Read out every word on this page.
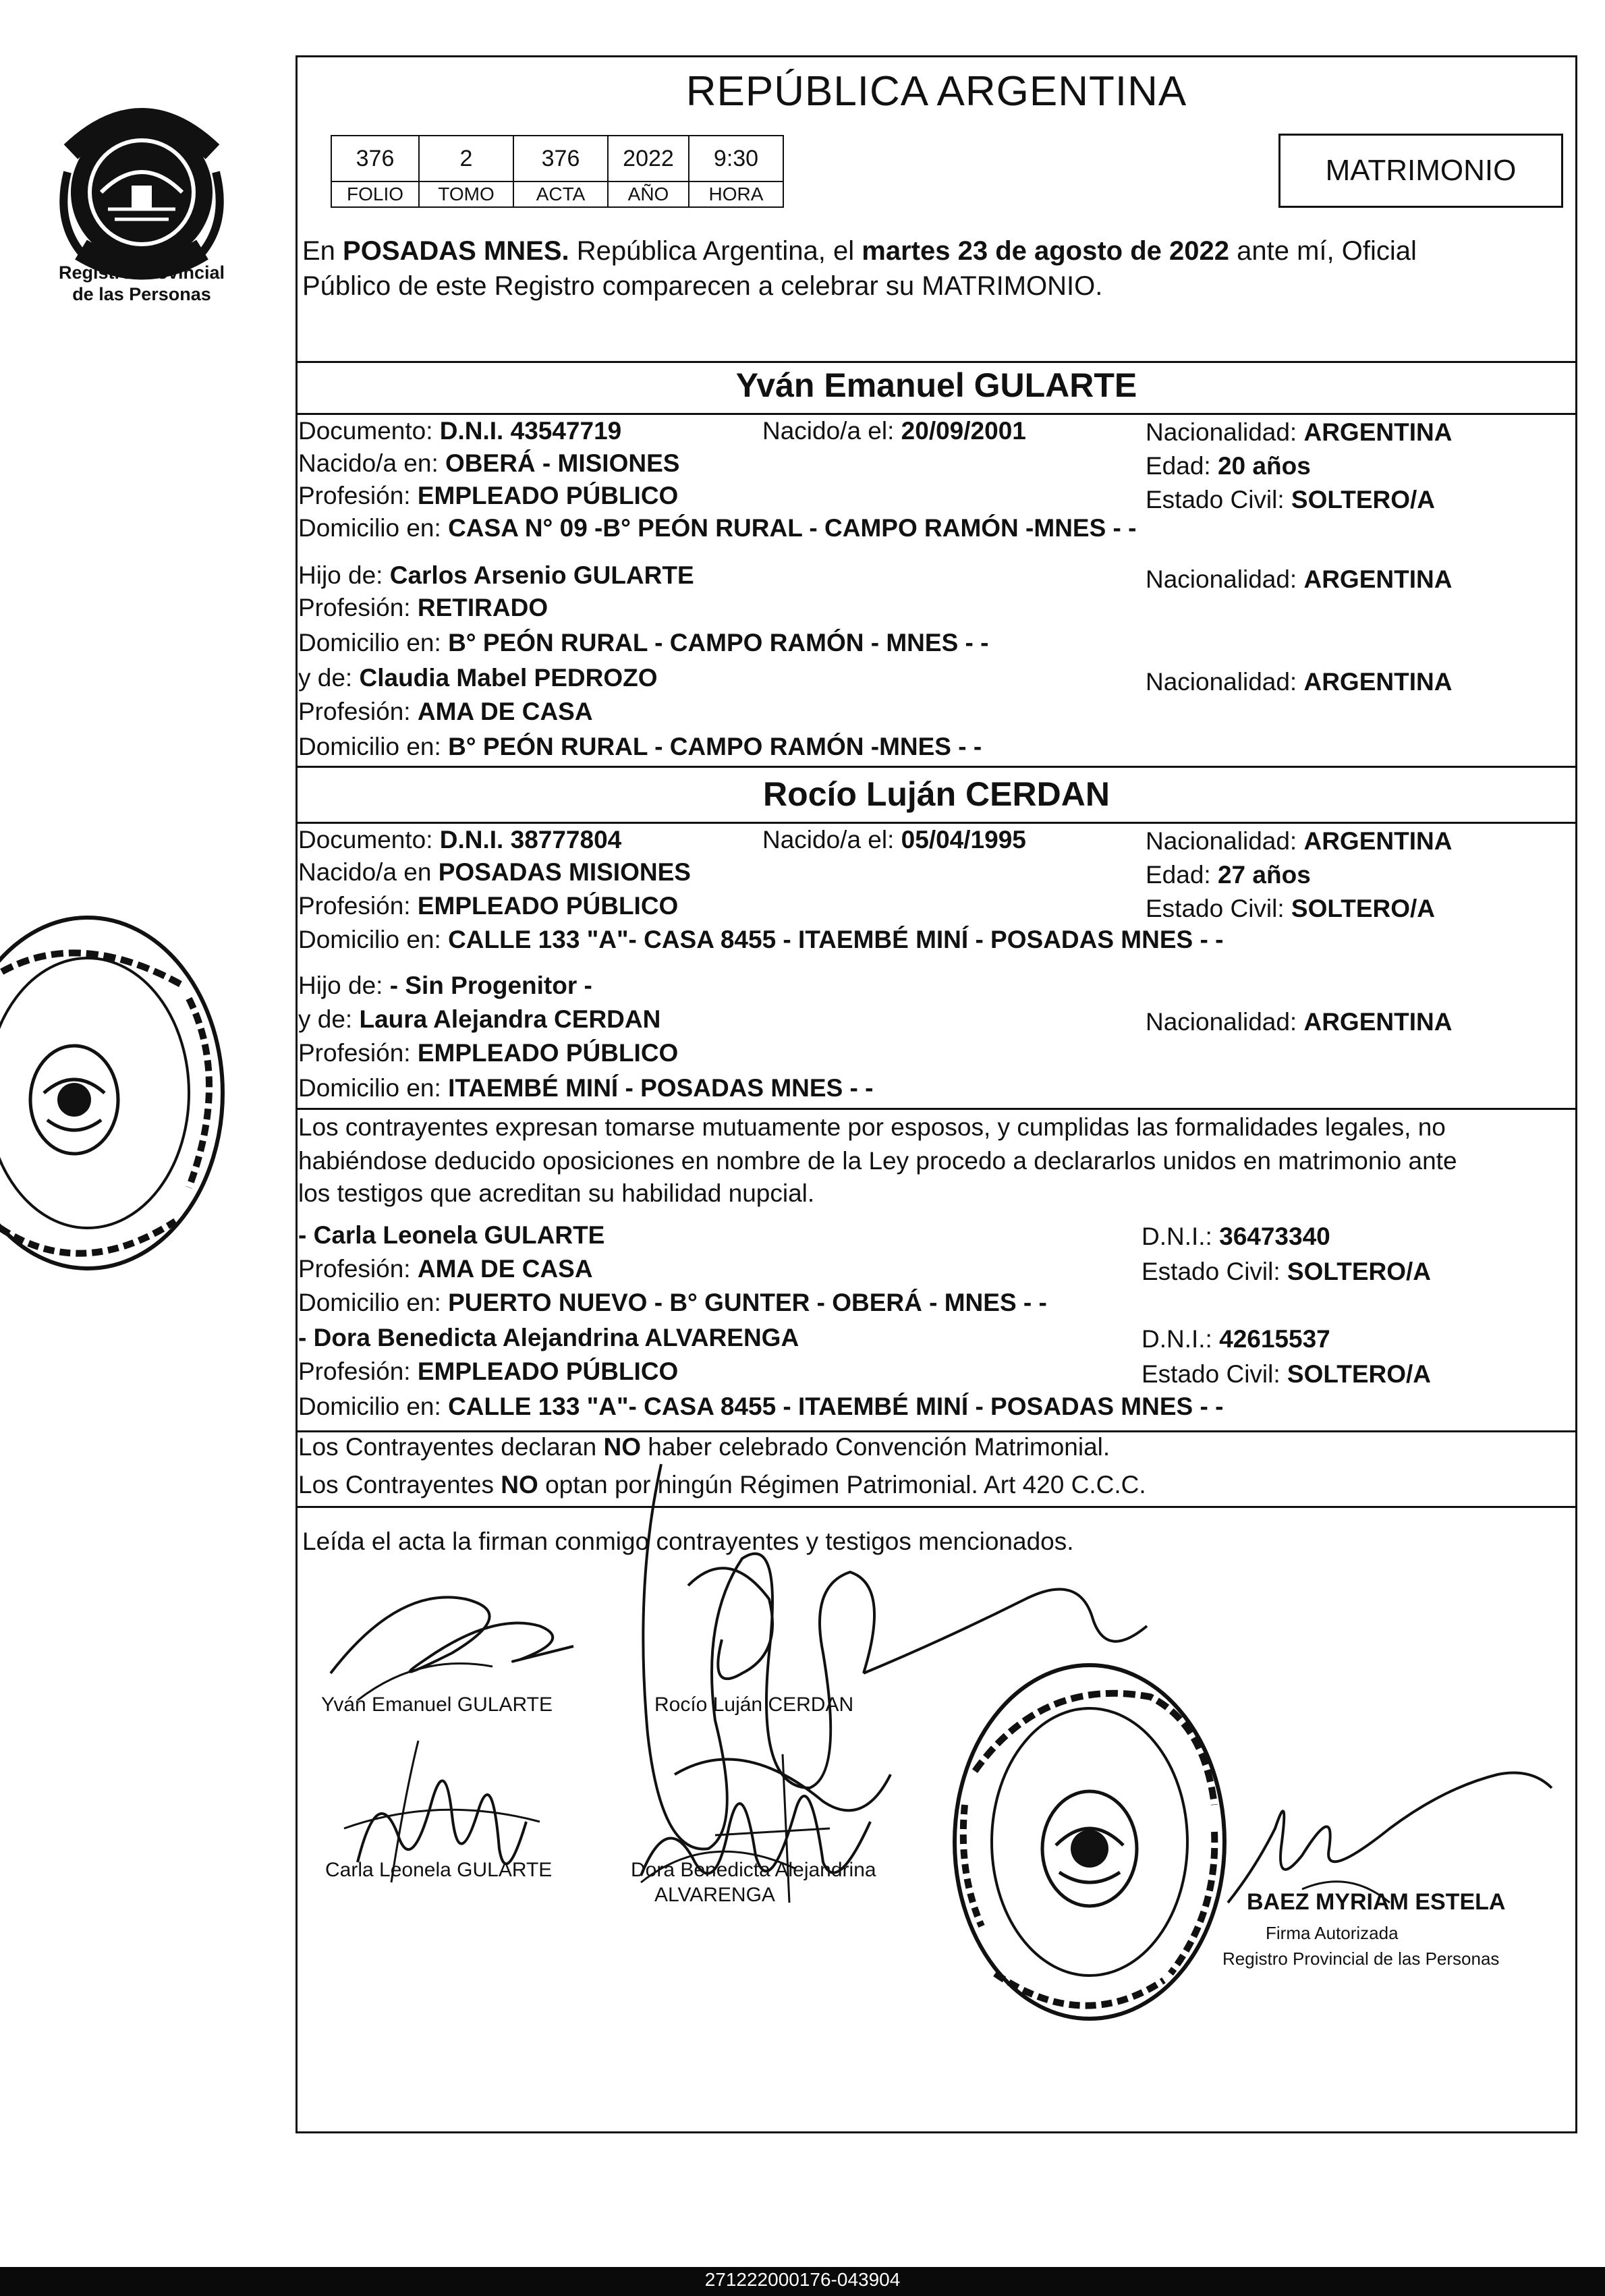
Registro Provincial
de las Personas
REPÚBLICA ARGENTINA
376	2	376	2022	9:30
FOLIO	TOMO	ACTA	AÑO	HORA
MATRIMONIO
En POSADAS MNES. República Argentina, el martes 23 de agosto de 2022 ante mí, Oficial
Público de este Registro comparecen a celebrar su MATRIMONIO.
Yván Emanuel GULARTE
Documento: D.N.I. 43547719	Nacido/a el: 20/09/2001	Nacionalidad: ARGENTINA
Nacido/a en: OBERÁ - MISIONES	Edad: 20 años
Profesión: EMPLEADO PÚBLICO	Estado Civil: SOLTERO/A
Domicilio en: CASA N° 09 -B° PEÓN RURAL - CAMPO RAMÓN -MNES - -
Hijo de: Carlos Arsenio GULARTE	Nacionalidad: ARGENTINA
Profesión: RETIRADO
Domicilio en: B° PEÓN RURAL - CAMPO RAMÓN - MNES - -
y de: Claudia Mabel PEDROZO	Nacionalidad: ARGENTINA
Profesión: AMA DE CASA
Domicilio en: B° PEÓN RURAL - CAMPO RAMÓN -MNES - -
Rocío Luján CERDAN
Documento: D.N.I. 38777804	Nacido/a el: 05/04/1995	Nacionalidad: ARGENTINA
Nacido/a en POSADAS MISIONES	Edad: 27 años
Profesión: EMPLEADO PÚBLICO	Estado Civil: SOLTERO/A
Domicilio en: CALLE 133 "A"- CASA 8455 - ITAEMBÉ MINÍ - POSADAS MNES - -
Hijo de: - Sin Progenitor -
y de: Laura Alejandra CERDAN	Nacionalidad: ARGENTINA
Profesión: EMPLEADO PÚBLICO
Domicilio en: ITAEMBÉ MINÍ - POSADAS MNES - -
Los contrayentes expresan tomarse mutuamente por esposos, y cumplidas las formalidades legales, no
habiéndose deducido oposiciones en nombre de la Ley procedo a declararlos unidos en matrimonio ante
los testigos que acreditan su habilidad nupcial.
- Carla Leonela GULARTE	D.N.I.: 36473340
Profesión: AMA DE CASA	Estado Civil: SOLTERO/A
Domicilio en: PUERTO NUEVO - B° GUNTER - OBERÁ - MNES - -
- Dora Benedicta Alejandrina ALVARENGA	D.N.I.: 42615537
Profesión: EMPLEADO PÚBLICO	Estado Civil: SOLTERO/A
Domicilio en: CALLE 133 "A"- CASA 8455 - ITAEMBÉ MINÍ - POSADAS MNES - -
Los Contrayentes declaran NO haber celebrado Convención Matrimonial.
Los Contrayentes NO optan por ningún Régimen Patrimonial. Art 420 C.C.C.
Leída el acta la firman conmigo contrayentes y testigos mencionados.
Yván Emanuel GULARTE	Rocío Luján CERDAN
Carla Leonela GULARTE	Dora Benedicta Alejandrina
ALVARENGA	BAEZ MYRIAM ESTELA
Firma Autorizada
Registro Provincial de las Personas
271222000176-043904
